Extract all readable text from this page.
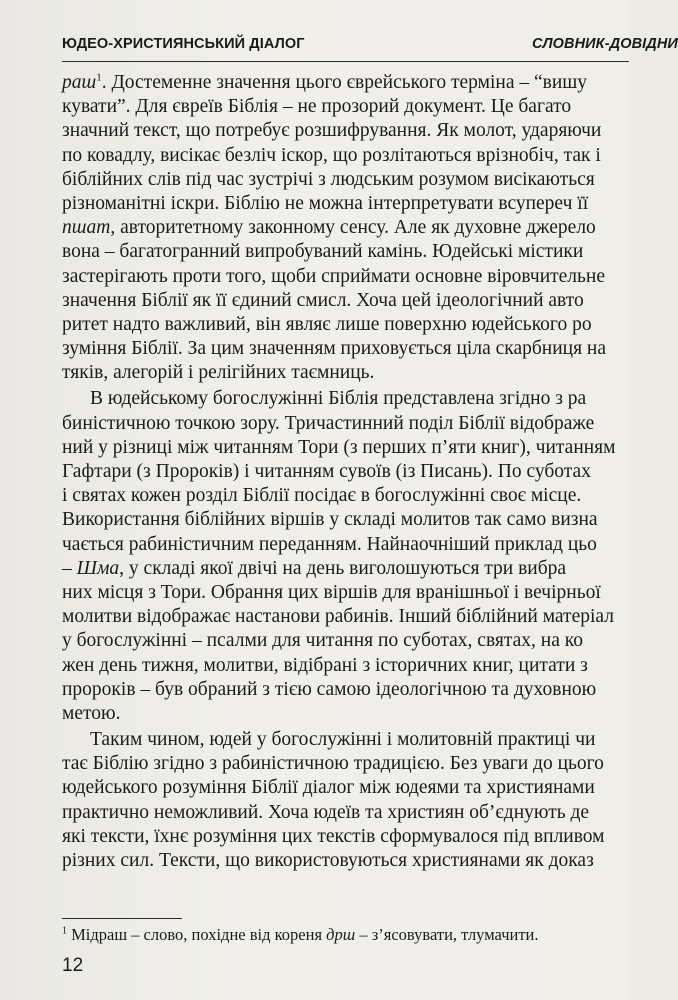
ЮДЕО-ХРИСТИЯНСЬКИЙ ДІАЛОГ	СЛОВНИК-ДОВІДНИ
раш$^1$. Достеменне значення цього єврейського терміна – “вишу
кувати”. Для євреїв Біблія – не прозорий документ. Це багато
значний текст, що потребує розшифрування. Як молот, ударяючи
по ковадлу, висікає безліч іскор, що розлітаються врізнобіч, так і
біблійних слів під час зустрічі з людським розумом висікаються
різноманітні іскри. Біблію не можна інтерпретувати всупереч її
пшат, авторитетному законному сенсу. Але як духовне джерело
вона – багатогранний випробуваний камінь. Юдейські містики
застерігають проти того, щоби сприймати основне віровчительне
значення Біблії як її єдиний смисл. Хоча цей ідеологічний авто
ритет надто важливий, він являє лише поверхню юдейського ро
зуміння Біблії. За цим значенням приховується ціла скарбниця на
тяків, алегорій і релігійних таємниць.
В юдейському богослужінні Біблія представлена згідно з ра
биністичною точкою зору. Тричастинний поділ Біблії відображе
ний у різниці між читанням Тори (з перших п’яти книг), читанням
Гафтари (з Пророків) і читанням сувоїв (із Писань). По суботах
і святах кожен розділ Біблії посідає в богослужінні своє місце.
Використання біблійних віршів у складі молитов так само визна
чається рабиністичним переданням. Найнаочніший приклад цьо
– Шма, у складі якої двічі на день виголошуються три вибра
них місця з Тори. Обрання цих віршів для вранішньої і вечірньої
молитви відображає настанови рабинів. Інший біблійний матеріал
у богослужінні – псалми для читання по суботах, святах, на ко
жен день тижня, молитви, відібрані з історичних книг, цитати з
пророків – був обраний з тією самою ідеологічною та духовною
метою.
Таким чином, юдей у богослужінні і молитовній практиці чи
тає Біблію згідно з рабиністичною традицією. Без уваги до цього
юдейського розуміння Біблії діалог між юдеями та християнами
практично неможливий. Хоча юдеїв та християн об’єднують де
які тексти, їхнє розуміння цих текстів сформувалося під впливом
різних сил. Тексти, що використовуються християнами як доказ
$^1$ Мідраш – слово, похідне від кореня дрш – з’ясовувати, тлумачити.
12
